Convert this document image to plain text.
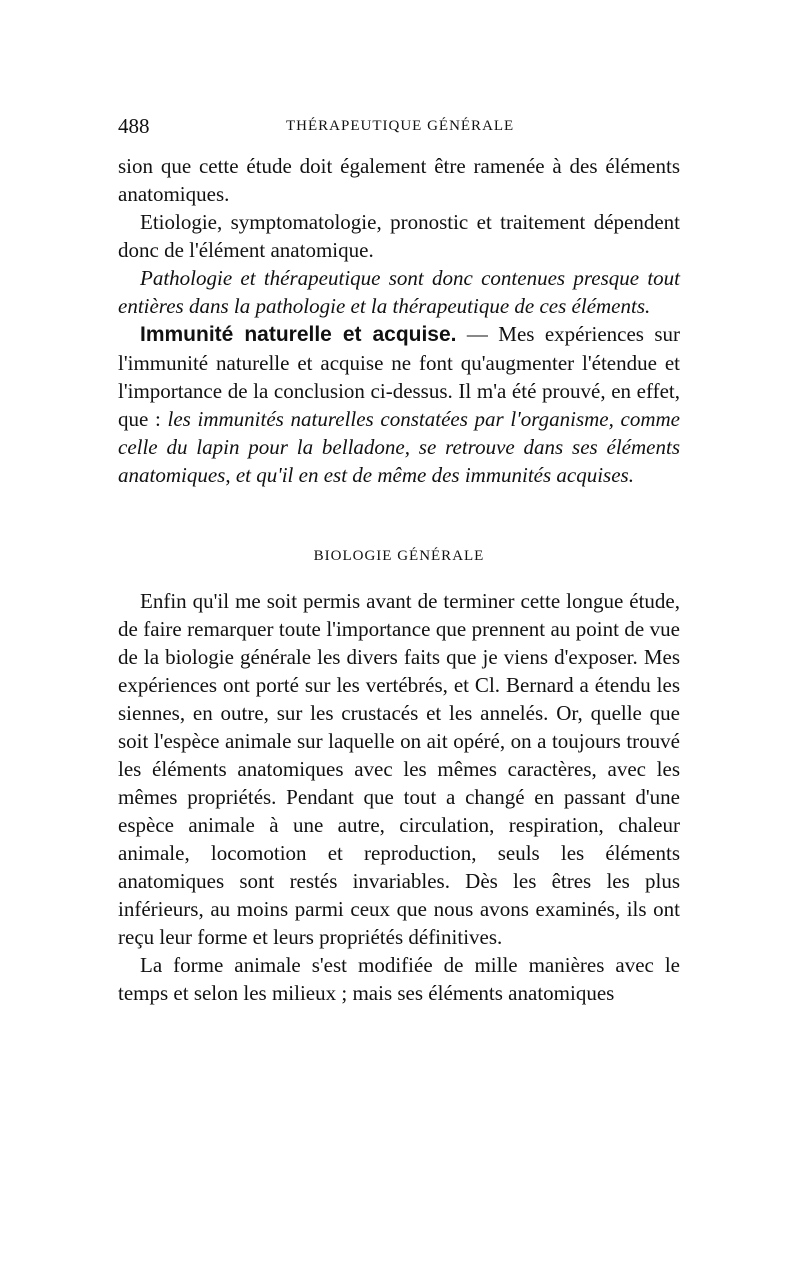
488	THÉRAPEUTIQUE GÉNÉRALE

sion que cette étude doit également être ramenée à des éléments anatomiques.

Etiologie, symptomatologie, pronostic et traitement dépendent donc de l'élément anatomique.

Pathologie et thérapeutique sont donc contenues presque tout entières dans la pathologie et la thérapeutique de ces éléments.

Immunité naturelle et acquise. — Mes expériences sur l'immunité naturelle et acquise ne font qu'augmenter l'étendue et l'importance de la conclusion ci-dessus. Il m'a été prouvé, en effet, que : les immunités naturelles constatées par l'organisme, comme celle du lapin pour la belladone, se retrouve dans ses éléments anatomiques, et qu'il en est de même des immunités acquises.

BIOLOGIE GÉNÉRALE

Enfin qu'il me soit permis avant de terminer cette longue étude, de faire remarquer toute l'importance que prennent au point de vue de la biologie générale les divers faits que je viens d'exposer. Mes expériences ont porté sur les vertébrés, et Cl. Bernard a étendu les siennes, en outre, sur les crustacés et les annelés. Or, quelle que soit l'espèce animale sur laquelle on ait opéré, on a toujours trouvé les éléments anatomiques avec les mêmes caractères, avec les mêmes propriétés. Pendant que tout a changé en passant d'une espèce animale à une autre, circulation, respiration, chaleur animale, locomotion et reproduction, seuls les éléments anatomiques sont restés invariables. Dès les êtres les plus inférieurs, au moins parmi ceux que nous avons examinés, ils ont reçu leur forme et leurs propriétés définitives.

La forme animale s'est modifiée de mille manières avec le temps et selon les milieux ; mais ses éléments anatomiques
